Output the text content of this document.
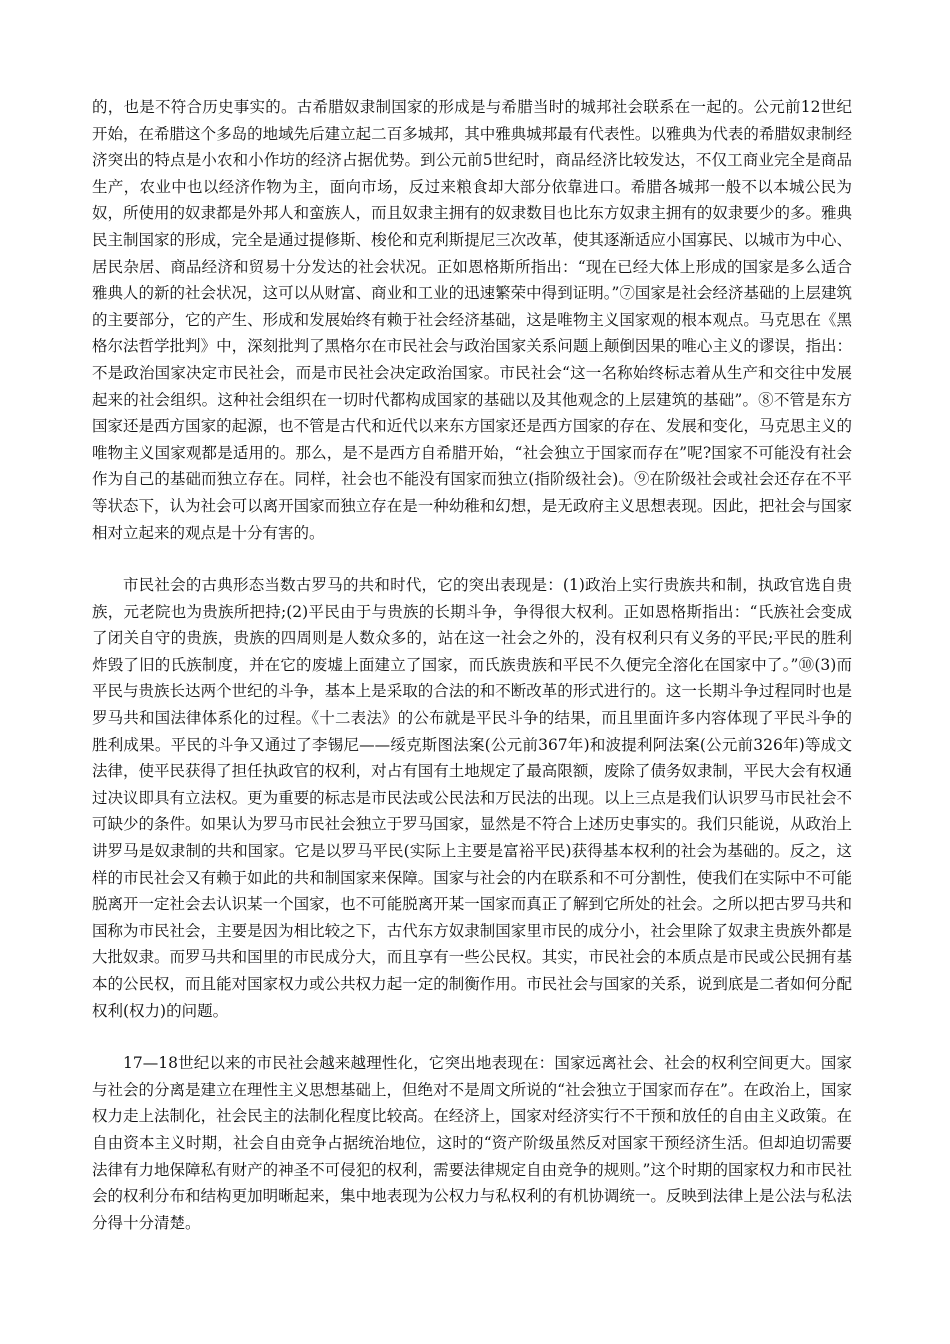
的，也是不符合历史事实的。古希腊奴隶制国家的形成是与希腊当时的城邦社会联系在一起的。公元前12世纪开始，在希腊这个多岛的地域先后建立起二百多城邦，其中雅典城邦最有代表性。以雅典为代表的希腊奴隶制经济突出的特点是小农和小作坊的经济占据优势。到公元前5世纪时，商品经济比较发达，不仅工商业完全是商品生产，农业中也以经济作物为主，面向市场，反过来粮食却大部分依靠进口。希腊各城邦一般不以本城公民为奴，所使用的奴隶都是外邦人和蛮族人，而且奴隶主拥有的奴隶数目也比东方奴隶主拥有的奴隶要少的多。雅典民主制国家的形成，完全是通过提修斯、梭伦和克利斯提尼三次改革，使其逐渐适应小国寡民、以城市为中心、居民杂居、商品经济和贸易十分发达的社会状况。正如恩格斯所指出：“现在已经大体上形成的国家是多么适合雅典人的新的社会状况，这可以从财富、商业和工业的迅速繁荣中得到证明。”⑦国家是社会经济基础的上层建筑的主要部分，它的产生、形成和发展始终有赖于社会经济基础，这是唯物主义国家观的根本观点。马克思在《黑格尔法哲学批判》中，深刻批判了黑格尔在市民社会与政治国家关系问题上颠倒因果的唯心主义的谬误，指出：不是政治国家决定市民社会，而是市民社会决定政治国家。市民社会“这一名称始终标志着从生产和交往中发展起来的社会组织。这种社会组织在一切时代都构成国家的基础以及其他观念的上层建筑的基础”。⑧不管是东方国家还是西方国家的起源，也不管是古代和近代以来东方国家还是西方国家的存在、发展和变化，马克思主义的唯物主义国家观都是适用的。那么，是不是西方自希腊开始，“社会独立于国家而存在”呢?国家不可能没有社会作为自己的基础而独立存在。同样，社会也不能没有国家而独立(指阶级社会)。⑨在阶级社会或社会还存在不平等状态下，认为社会可以离开国家而独立存在是一种幼稚和幻想，是无政府主义思想表现。因此，把社会与国家相对立起来的观点是十分有害的。

市民社会的古典形态当数古罗马的共和时代，它的突出表现是：(1)政治上实行贵族共和制，执政官选自贵族，元老院也为贵族所把持;(2)平民由于与贵族的长期斗争，争得很大权利。正如恩格斯指出：“氏族社会变成了闭关自守的贵族，贵族的四周则是人数众多的，站在这一社会之外的，没有权利只有义务的平民;平民的胜利炸毁了旧的氏族制度，并在它的废墟上面建立了国家，而氏族贵族和平民不久便完全溶化在国家中了。”⑩(3)而平民与贵族长达两个世纪的斗争，基本上是采取的合法的和不断改革的形式进行的。这一长期斗争过程同时也是罗马共和国法律体系化的过程。《十二表法》的公布就是平民斗争的结果，而且里面许多内容体现了平民斗争的胜利成果。平民的斗争又通过了李锡尼——绥克斯图法案(公元前367年)和波提利阿法案(公元前326年)等成文法律，使平民获得了担任执政官的权利，对占有国有土地规定了最高限额，废除了债务奴隶制，平民大会有权通过决议即具有立法权。更为重要的标志是市民法或公民法和万民法的出现。以上三点是我们认识罗马市民社会不可缺少的条件。如果认为罗马市民社会独立于罗马国家，显然是不符合上述历史事实的。我们只能说，从政治上讲罗马是奴隶制的共和国家。它是以罗马平民(实际上主要是富裕平民)获得基本权利的社会为基础的。反之，这样的市民社会又有赖于如此的共和制国家来保障。国家与社会的内在联系和不可分割性，使我们在实际中不可能脱离开一定社会去认识某一个国家，也不可能脱离开某一国家而真正了解到它所处的社会。之所以把古罗马共和国称为市民社会，主要是因为相比较之下，古代东方奴隶制国家里市民的成分小，社会里除了奴隶主贵族外都是大批奴隶。而罗马共和国里的市民成分大，而且享有一些公民权。其实，市民社会的本质点是市民或公民拥有基本的公民权，而且能对国家权力或公共权力起一定的制衡作用。市民社会与国家的关系，说到底是二者如何分配权利(权力)的问题。

17—18世纪以来的市民社会越来越理性化，它突出地表现在：国家远离社会、社会的权利空间更大。国家与社会的分离是建立在理性主义思想基础上，但绝对不是周文所说的“社会独立于国家而存在”。在政治上，国家权力走上法制化，社会民主的法制化程度比较高。在经济上，国家对经济实行不干预和放任的自由主义政策。在自由资本主义时期，社会自由竞争占据统治地位，这时的“资产阶级虽然反对国家干预经济生活。但却迫切需要法律有力地保障私有财产的神圣不可侵犯的权利，需要法律规定自由竞争的规则。”这个时期的国家权力和市民社会的权利分布和结构更加明晰起来，集中地表现为公权力与私权利的有机协调统一。反映到法律上是公法与私法分得十分清楚。
